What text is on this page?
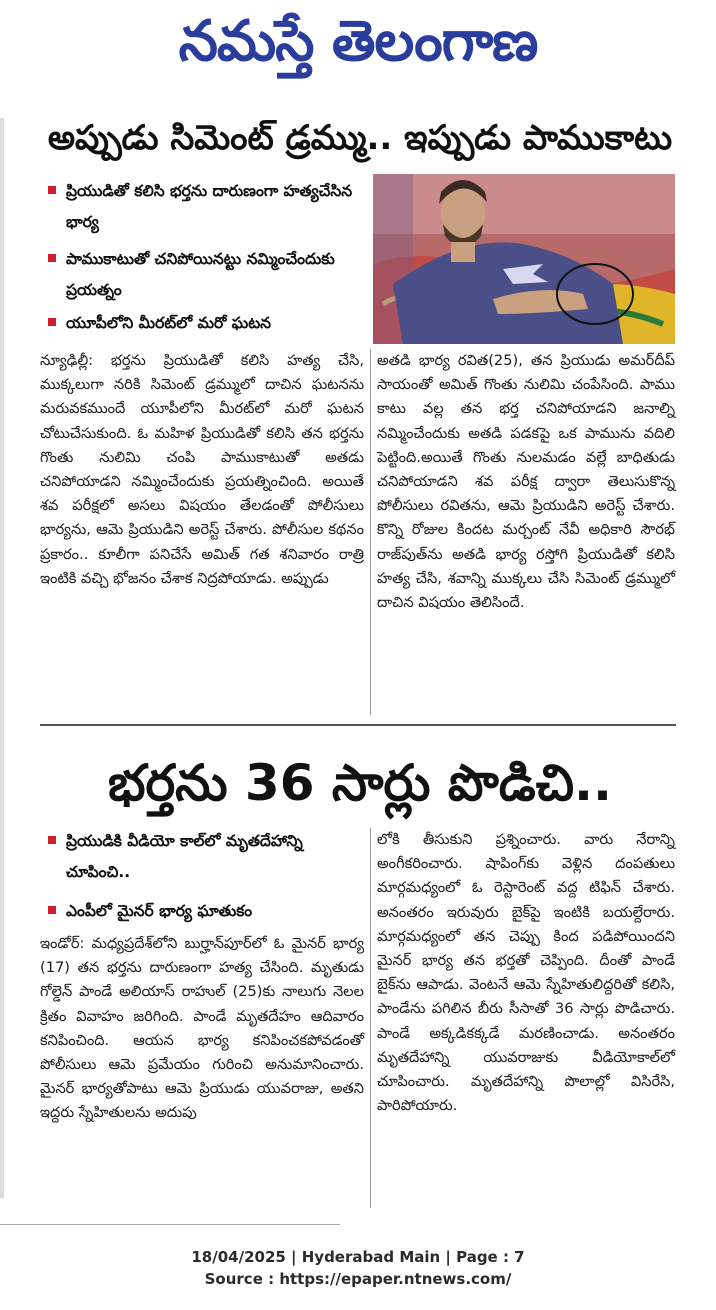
నమస్తే తెలంగాణ
అప్పుడు సిమెంట్ డ్రమ్ము.. ఇప్పుడు పాముకాటు
ప్రియుడితో కలిసి భర్తను దారుణంగా హత్యచేసిన భార్య
పాముకాటుతో చనిపోయినట్టు నమ్మించేందుకు ప్రయత్నం
యూపీలోని మీరట్‌లో మరో ఘటన
న్యూఢిల్లీ: భర్తను ప్రియుడితో కలిసి హత్య చేసి, ముక్కలుగా నరికి సిమెంట్ డ్రమ్ములో దాచిన ఘటనను మరువకముందే యూపీలోని మీరట్‌లో మరో ఘటన చోటుచేసుకుంది. ఓ మహిళ ప్రియుడితో కలిసి తన భర్తను గొంతు నులిమి చంపి పాముకాటుతో అతడు చనిపోయాడని నమ్మించేందుకు ప్రయత్నించింది. అయితే శవ పరీక్షలో అసలు విషయం తేలడంతో పోలీసులు భార్యను, ఆమె ప్రియుడిని అరెస్ట్ చేశారు. పోలీసుల కథనం ప్రకారం.. కూలీగా పనిచేసే అమిత్ గత శనివారం రాత్రి ఇంటికి వచ్చి భోజనం చేశాక నిద్రపోయాడు. అప్పుడు
అతడి భార్య రవిత(25), తన ప్రియుడు అమర్‌దీప్ సాయంతో అమిత్ గొంతు నులిమి చంపేసింది. పాము కాటు వల్ల తన భర్త చనిపోయాడని జనాల్ని నమ్మించేందుకు అతడి పడకపై ఒక పామును వదిలి పెట్టింది.అయితే గొంతు నులమడం వల్లే బాధితుడు చనిపోయాడని శవ పరీక్ష ద్వారా తెలుసుకొన్న పోలీసులు రవితను, ఆమె ప్రియుడిని అరెస్ట్ చేశారు. కొన్ని రోజుల కిందట మర్చంట్ నేవీ అధికారి సౌరభ్ రాజ్‌పుత్‌ను అతడి భార్య రస్తోగి ప్రియుడితో కలిసి హత్య చేసి, శవాన్ని ముక్కలు చేసి సిమెంట్ డ్రమ్ములో దాచిన విషయం తెలిసిందే.
భర్తను 36 సార్లు పొడిచి..
ప్రియుడికి వీడియో కాల్‌లో మృతదేహాన్ని చూపించి..
ఎంపీలో మైనర్ భార్య ఘాతుకం
ఇండోర్: మధ్యప్రదేశ్‌లోని బుర్హాన్‌పూర్‌లో ఓ మైనర్ భార్య (17) తన భర్తను దారుణంగా హత్య చేసింది. మృతుడు గోల్డెన్ పాండే అలియాస్ రాహుల్ (25)కు నాలుగు నెలల క్రితం వివాహం జరిగింది. పాండే మృతదేహం ఆదివారం కనిపించింది. ఆయన భార్య కనిపించకపోవడంతో పోలీసులు ఆమె ప్రమేయం గురించి అనుమానించారు. మైనర్ భార్యతోపాటు ఆమె ప్రియుడు యువరాజు, అతని ఇద్దరు స్నేహితులను అదుపు
లోకి తీసుకుని ప్రశ్నించారు. వారు నేరాన్ని అంగీకరించారు. షాపింగ్‌కు వెళ్లిన దంపతులు మార్గమధ్యంలో ఓ రెస్టారెంట్ వద్ద టిఫిన్ చేశారు. అనంతరం ఇరువురు బైక్‌పై ఇంటికి బయల్దేరారు. మార్గమధ్యంలో తన చెప్పు కింద పడిపోయిందని మైనర్ భార్య తన భర్తతో చెప్పింది. దీంతో పాండే బైక్‌ను ఆపాడు. వెంటనే ఆమె స్నేహితులిద్దరితో కలిసి, పాండేను పగిలిన బీరు సీసాతో 36 సార్లు పొడిచారు. పాండే అక్కడికక్కడే మరణించాడు. అనంతరం మృతదేహాన్ని యువరాజుకు వీడియోకాల్‌లో చూపించారు. మృతదేహాన్ని పొలాల్లో విసిరేసి, పారిపోయారు.
18/04/2025 | Hyderabad Main | Page : 7
Source : https://epaper.ntnews.com/
